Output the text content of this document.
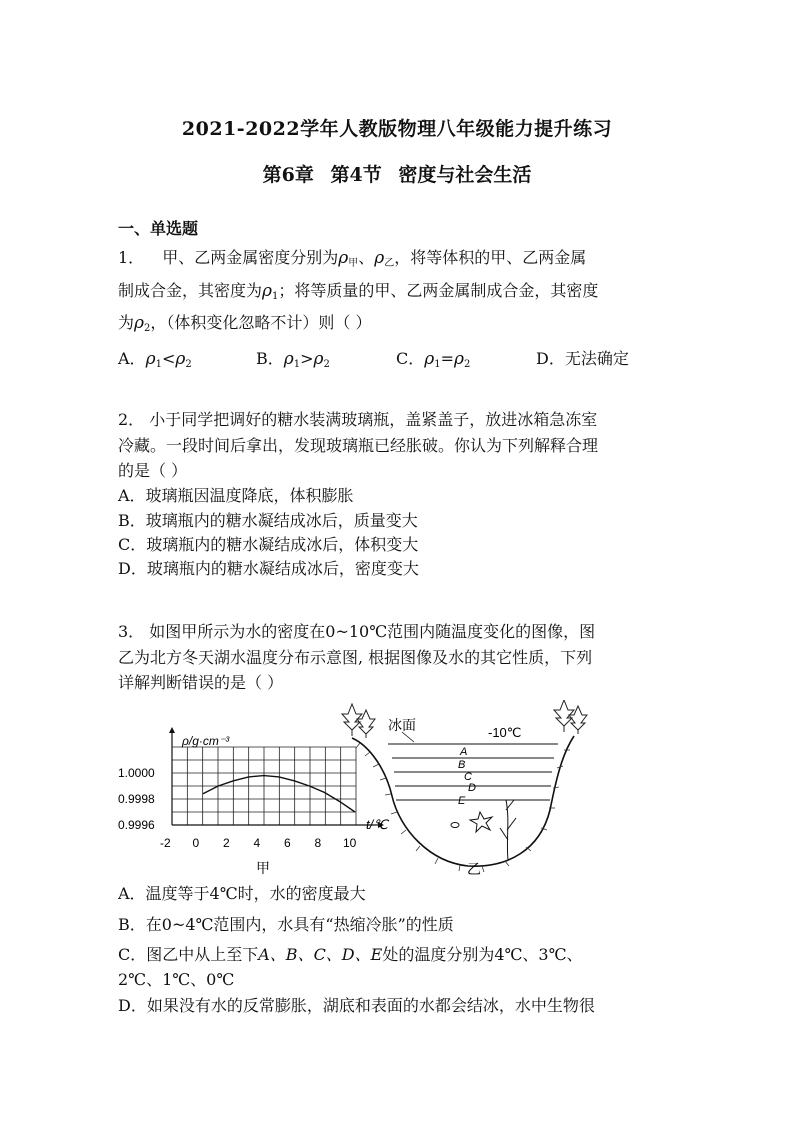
2021-2022学年人教版物理八年级能力提升练习
第6章 第4节 密度与社会生活
一、单选题
1． 甲、乙两金属密度分别为$\rho_甲$、$\rho_乙$，将等体积的甲、乙两金属
制成合金，其密度为$\rho_1$；将等质量的甲、乙两金属制成合金，其密度
为$\rho_2$，（体积变化忽略不计）则（ ）
A．$\rho_1<\rho_2$	B．$\rho_1>\rho_2$	C．$\rho_1=\rho_2$	D．无法确定
2． 小于同学把调好的糖水装满玻璃瓶，盖紧盖子，放进冰箱急冻室
冷藏。一段时间后拿出，发现玻璃瓶已经胀破。你认为下列解释合理
的是（ ）
A．玻璃瓶因温度降底，体积膨胀
B．玻璃瓶内的糖水凝结成冰后，质量变大
C．玻璃瓶内的糖水凝结成冰后，体积变大
D．玻璃瓶内的糖水凝结成冰后，密度变大
3． 如图甲所示为水的密度在0~10℃范围内随温度变化的图像，图
乙为北方冬天湖水温度分布示意图, 根据图像及水的其它性质，下列
详解判断错误的是（ ）
1.0000
0.9998
0.9996
-2 0 2 4 6 8 10
ρ/g·cm⁻³
t/℃
甲
冰面	-10℃
A
B
C
D
E
乙
A．温度等于4℃时，水的密度最大
B．在0~4℃范围内，水具有“热缩冷胀”的性质
C．图乙中从上至下A、B、C、D、E处的温度分别为4℃、3℃、
2℃、1℃、0℃
D．如果没有水的反常膨胀，湖底和表面的水都会结冰，水中生物很
